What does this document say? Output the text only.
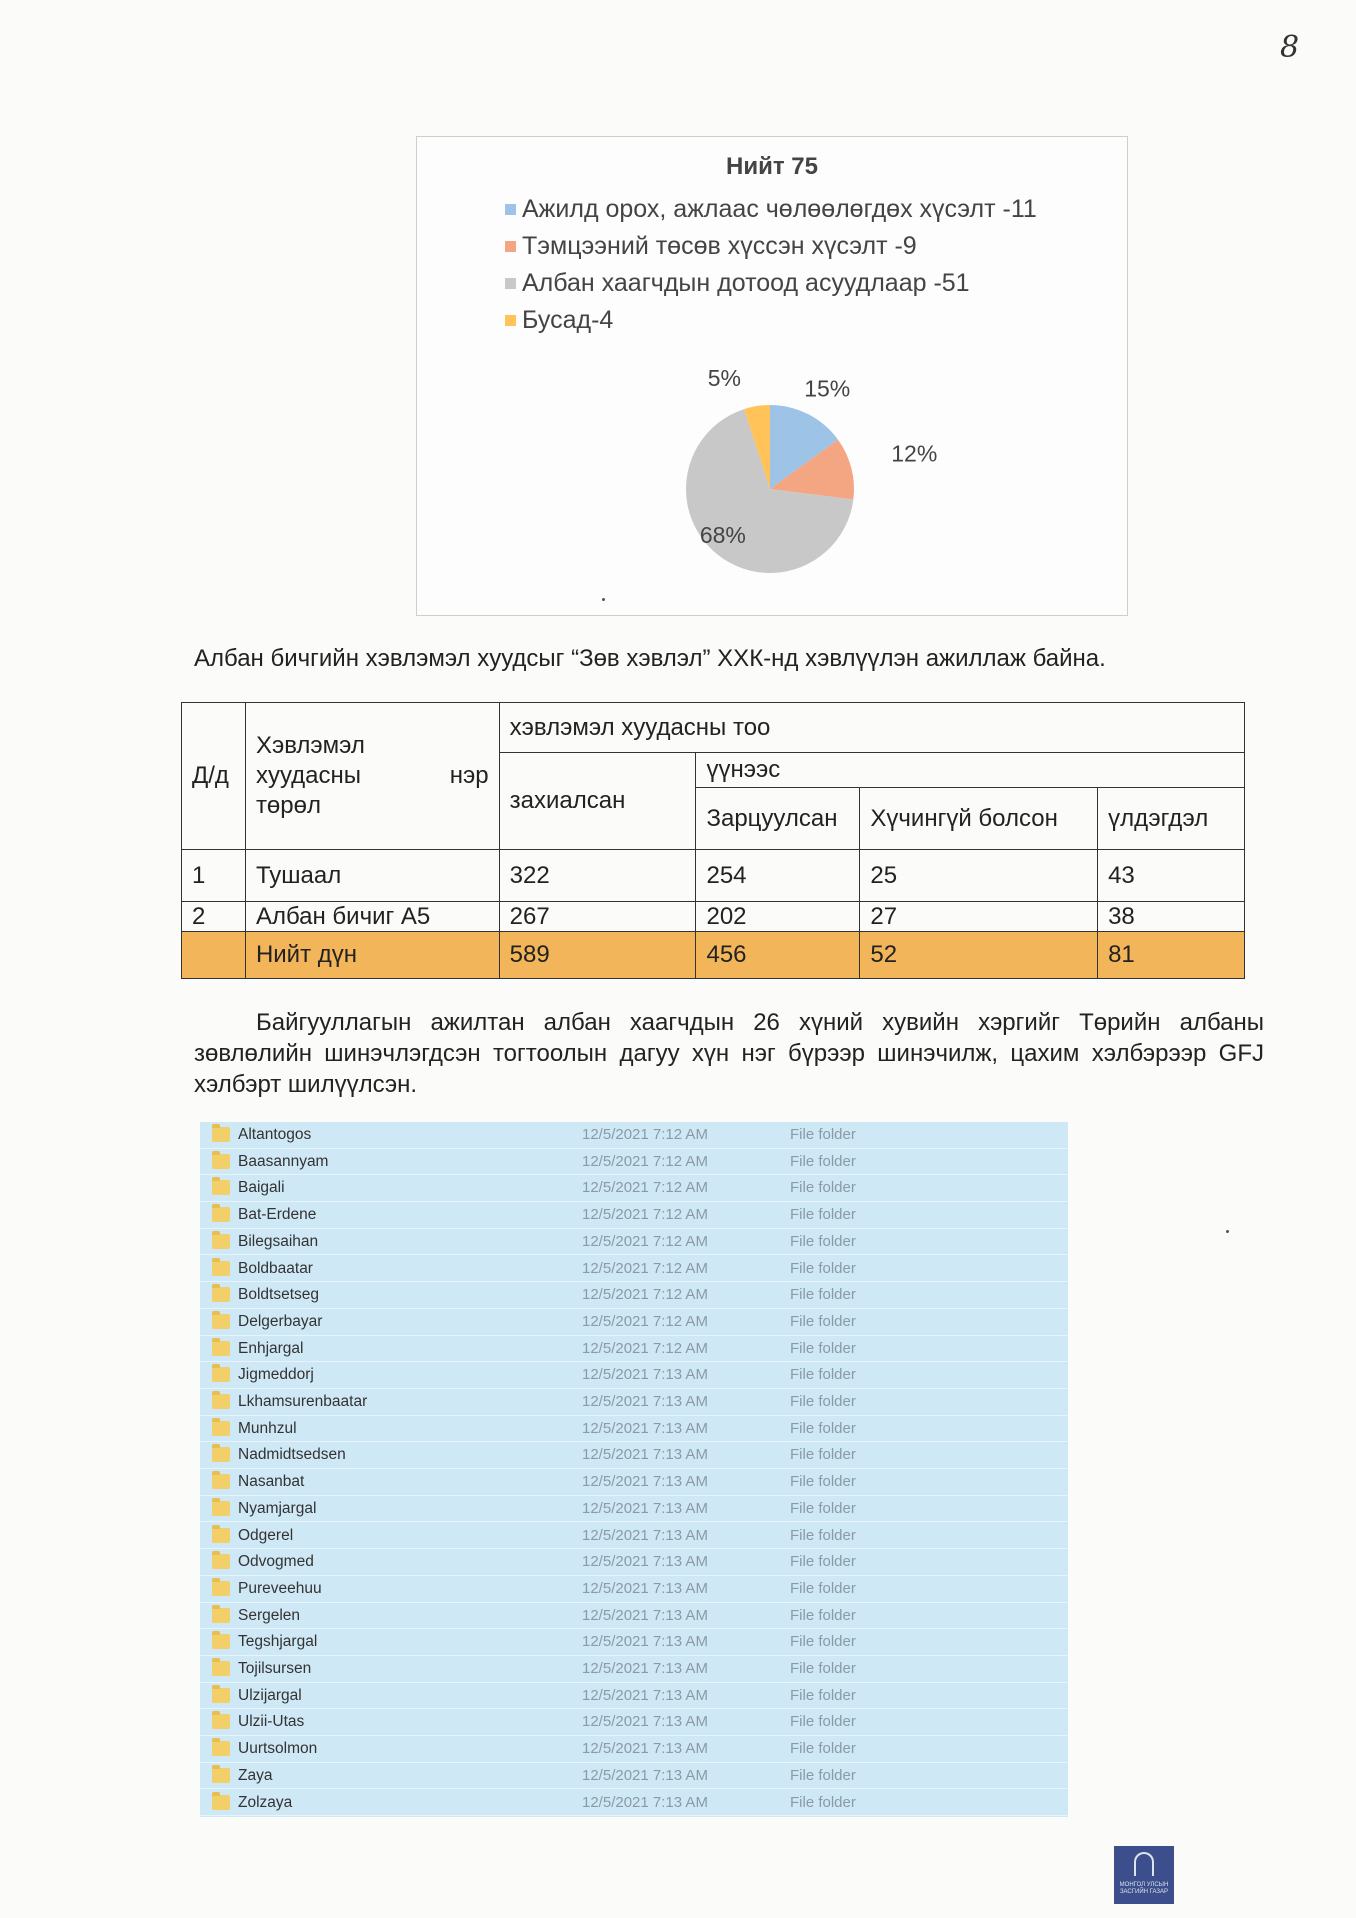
8
Нийт 75
Ажилд орох, ажлаас чөлөөлөгдөх хүсэлт -11
Тэмцээний төсөв хүссэн хүсэлт -9
Албан хаагчдын дотоод асуудлаар -51
Бусад-4
15%
12%
68%
5%
Албан бичгийн хэвлэмэл хуудсыг “Зөв хэвлэл” ХХК-нд хэвлүүлэн ажиллаж байна.
Д/д	Хэвлэмэл
хуудасны нэр
төрөл	хэвлэмэл хуудасны тоо			
		захиалсан	үүнээс		
			Зарцуулсан	Хүчингүй болсон	үлдэгдэл
1	Тушаал	322	254	25	43
2	Албан бичиг А5	267	202	27	38
	Нийт дүн	589	456	52	81
Байгууллагын ажилтан албан хаагчдын 26 хүний хувийн хэргийг Төрийн албаны зөвлөлийн шинэчлэгдсэн тогтоолын дагуу хүн нэг бүрээр шинэчилж, цахим хэлбэрээр GFJ хэлбэрт шилүүлсэн.
Altantogos	12/5/2021 7:12 AM	File folder
Baasannyam	12/5/2021 7:12 AM	File folder
Baigali	12/5/2021 7:12 AM	File folder
Bat-Erdene	12/5/2021 7:12 AM	File folder
Bilegsaihan	12/5/2021 7:12 AM	File folder
Boldbaatar	12/5/2021 7:12 AM	File folder
Boldtsetseg	12/5/2021 7:12 AM	File folder
Delgerbayar	12/5/2021 7:12 AM	File folder
Enhjargal	12/5/2021 7:12 AM	File folder
Jigmeddorj	12/5/2021 7:13 AM	File folder
Lkhamsurenbaatar	12/5/2021 7:13 AM	File folder
Munhzul	12/5/2021 7:13 AM	File folder
Nadmidtsedsen	12/5/2021 7:13 AM	File folder
Nasanbat	12/5/2021 7:13 AM	File folder
Nyamjargal	12/5/2021 7:13 AM	File folder
Odgerel	12/5/2021 7:13 AM	File folder
Odvogmed	12/5/2021 7:13 AM	File folder
Pureveehuu	12/5/2021 7:13 AM	File folder
Sergelen	12/5/2021 7:13 AM	File folder
Tegshjargal	12/5/2021 7:13 AM	File folder
Tojilsursen	12/5/2021 7:13 AM	File folder
Ulzijargal	12/5/2021 7:13 AM	File folder
Ulzii-Utas	12/5/2021 7:13 AM	File folder
Uurtsolmon	12/5/2021 7:13 AM	File folder
Zaya	12/5/2021 7:13 AM	File folder
Zolzaya	12/5/2021 7:13 AM	File folder
МОНГОЛ УЛСЫН ЗАСГИЙН ГАЗАР
